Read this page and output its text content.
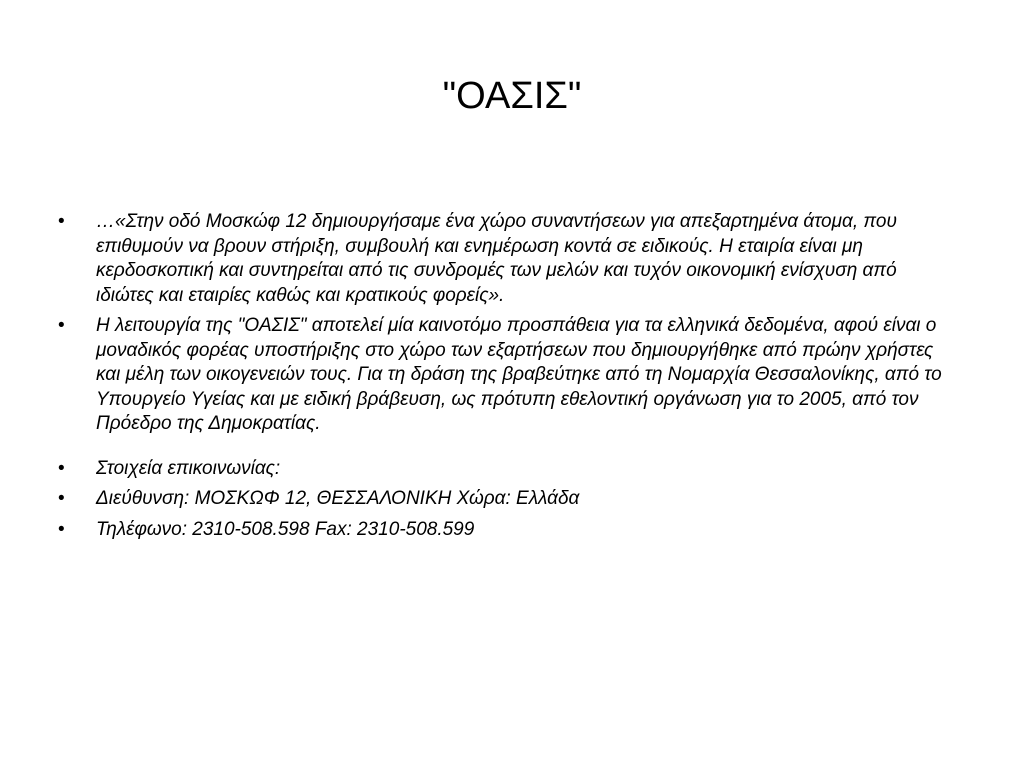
"ΟΑΣΙΣ"
• …«Στην οδό Μοσκώφ 12 δημιουργήσαμε ένα χώρο συναντήσεων για απεξαρτημένα άτομα, που επιθυμούν να βρουν στήριξη, συμβουλή και ενημέρωση κοντά σε ειδικούς. Η εταιρία είναι μη κερδοσκοπική και συντηρείται από τις συνδρομές των μελών και τυχόν οικονομική ενίσχυση από ιδιώτες και εταιρίες καθώς και κρατικούς φορείς».
• Η λειτουργία της "ΟΑΣΙΣ" αποτελεί μία καινοτόμο προσπάθεια για τα ελληνικά δεδομένα, αφού είναι ο μοναδικός φορέας υποστήριξης στο χώρο των εξαρτήσεων που δημιουργήθηκε από πρώην χρήστες και μέλη των οικογενειών τους. Για τη δράση της βραβεύτηκε από τη Νομαρχία Θεσσαλονίκης, από το Υπουργείο Υγείας και με ειδική βράβευση, ως πρότυπη εθελοντική οργάνωση για το 2005, από τον Πρόεδρο της Δημοκρατίας.
• Στοιχεία επικοινωνίας:
• Διεύθυνση: ΜΟΣΚΩΦ 12, ΘΕΣΣΑΛΟΝΙΚΗ Χώρα: Ελλάδα
• Τηλέφωνο: 2310-508.598 Fax: 2310-508.599
